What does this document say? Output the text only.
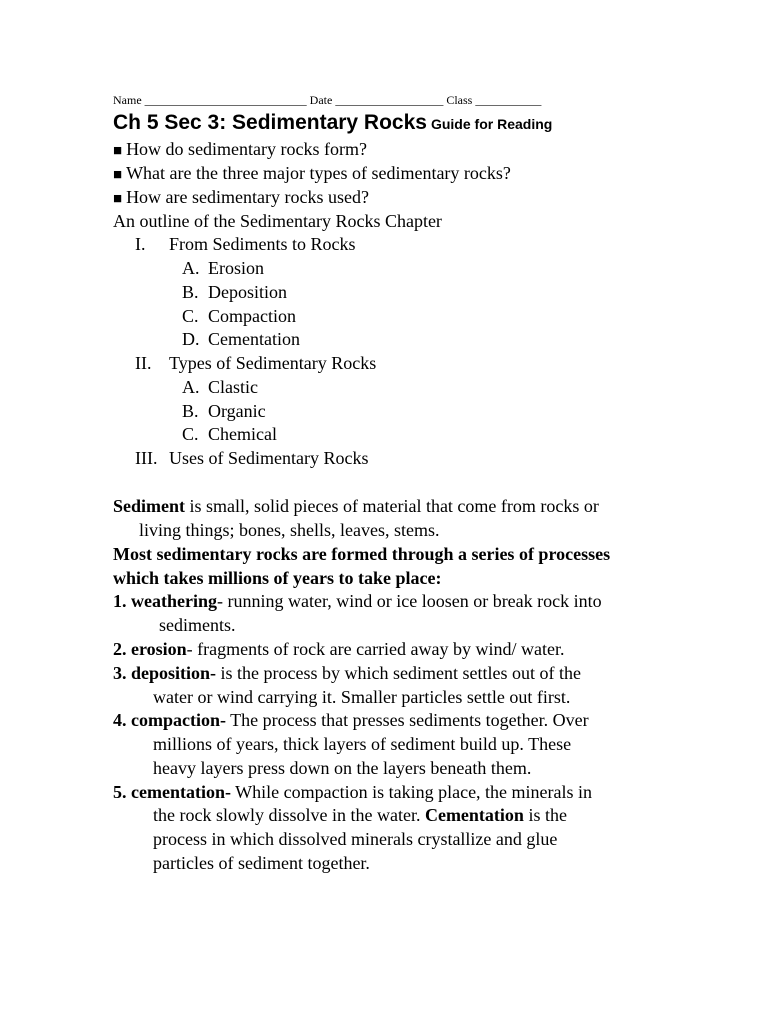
Name ___________________________ Date __________________ Class ___________
Ch 5 Sec 3: Sedimentary Rocks Guide for Reading
■ How do sedimentary rocks form?
■ What are the three major types of sedimentary rocks?
■ How are sedimentary rocks used?
An outline of the Sedimentary Rocks Chapter
I. From Sediments to Rocks
A. Erosion
B. Deposition
C. Compaction
D. Cementation
II. Types of Sedimentary Rocks
A. Clastic
B. Organic
C. Chemical
III. Uses of Sedimentary Rocks
Sediment is small, solid pieces of material that come from rocks or
living things; bones, shells, leaves, stems.
Most sedimentary rocks are formed through a series of processes
which takes millions of years to take place:
1. weathering- running water, wind or ice loosen or break rock into
sediments.
2. erosion- fragments of rock are carried away by wind/ water.
3. deposition- is the process by which sediment settles out of the
water or wind carrying it. Smaller particles settle out first.
4. compaction- The process that presses sediments together. Over
millions of years, thick layers of sediment build up. These
heavy layers press down on the layers beneath them.
5. cementation- While compaction is taking place, the minerals in
the rock slowly dissolve in the water. Cementation is the
process in which dissolved minerals crystallize and glue
particles of sediment together.
